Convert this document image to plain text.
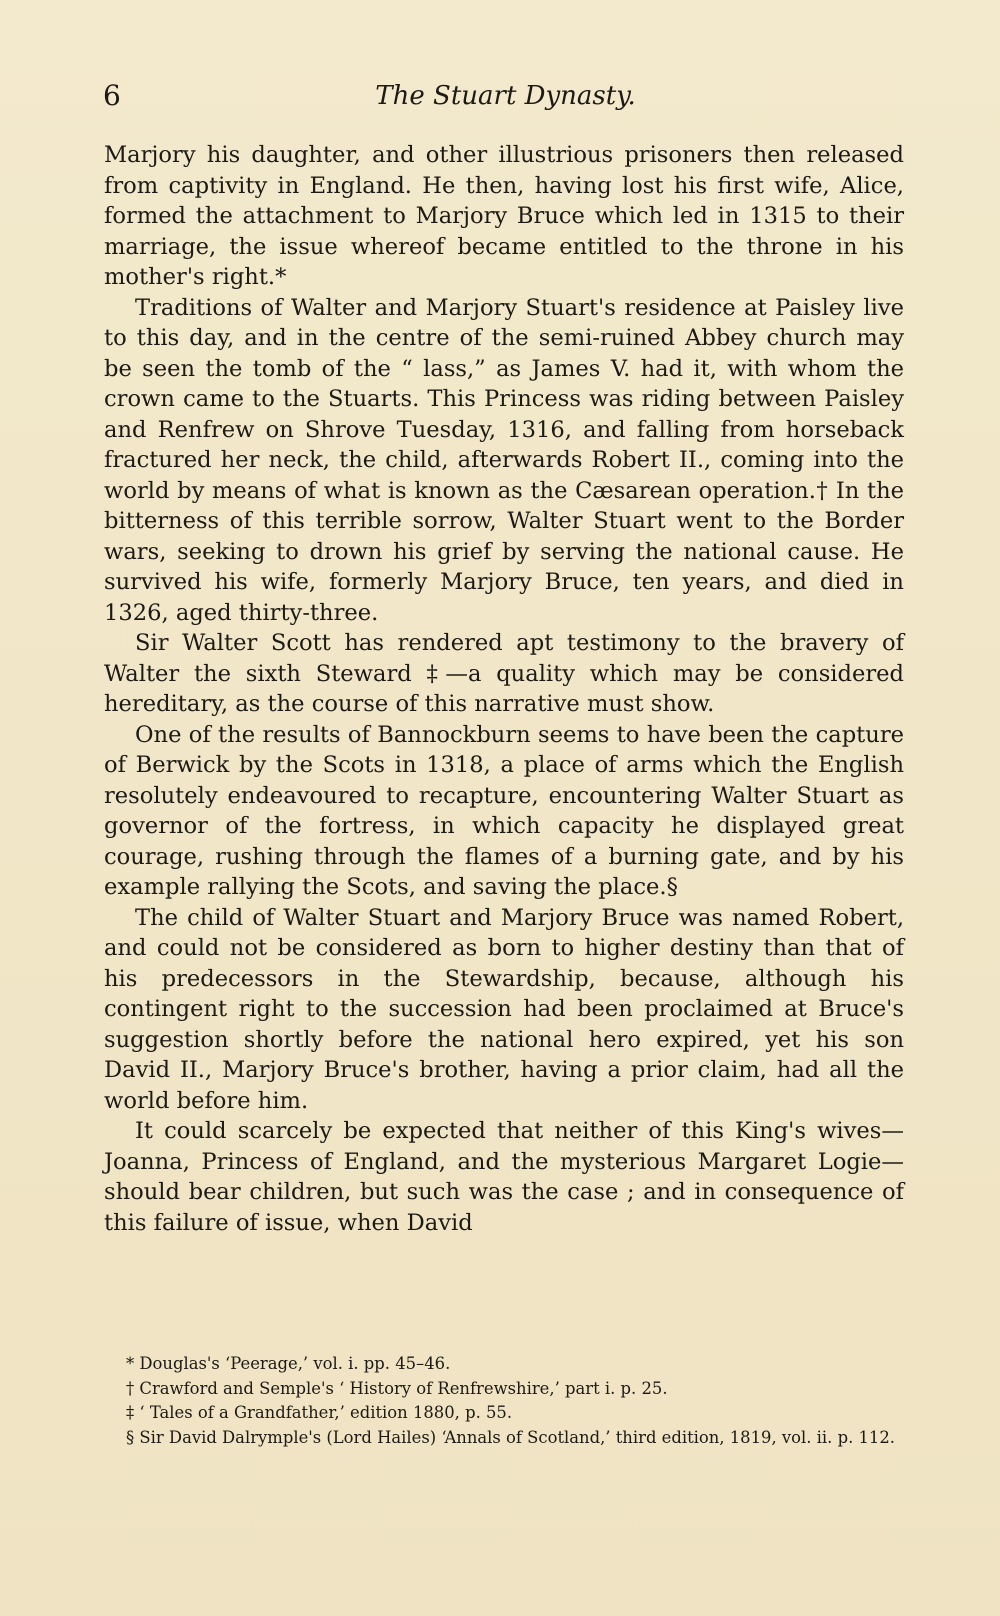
6	The Stuart Dynasty.

Marjory his daughter, and other illustrious prisoners then released from captivity in England. He then, having lost his first wife, Alice, formed the attachment to Marjory Bruce which led in 1315 to their marriage, the issue whereof became entitled to the throne in his mother's right.*

Traditions of Walter and Marjory Stuart's residence at Paisley live to this day, and in the centre of the semi-ruined Abbey church may be seen the tomb of the “ lass,” as James V. had it, with whom the crown came to the Stuarts. This Princess was riding between Paisley and Renfrew on Shrove Tuesday, 1316, and falling from horseback fractured her neck, the child, afterwards Robert II., coming into the world by means of what is known as the Cæsarean operation.† In the bitterness of this terrible sorrow, Walter Stuart went to the Border wars, seeking to drown his grief by serving the national cause. He survived his wife, formerly Marjory Bruce, ten years, and died in 1326, aged thirty-three.

Sir Walter Scott has rendered apt testimony to the bravery of Walter the sixth Steward ‡—a quality which may be considered hereditary, as the course of this narrative must show.

One of the results of Bannockburn seems to have been the capture of Berwick by the Scots in 1318, a place of arms which the English resolutely endeavoured to recapture, encountering Walter Stuart as governor of the fortress, in which capacity he displayed great courage, rushing through the flames of a burning gate, and by his example rallying the Scots, and saving the place.§

The child of Walter Stuart and Marjory Bruce was named Robert, and could not be considered as born to higher destiny than that of his predecessors in the Stewardship, because, although his contingent right to the succession had been proclaimed at Bruce's suggestion shortly before the national hero expired, yet his son David II., Marjory Bruce's brother, having a prior claim, had all the world before him.

It could scarcely be expected that neither of this King's wives—Joanna, Princess of England, and the mysterious Margaret Logie—should bear children, but such was the case ; and in consequence of this failure of issue, when David

* Douglas's ‘Peerage,’ vol. i. pp. 45–46.

† Crawford and Semple's ‘ History of Renfrewshire,’ part i. p. 25.

‡ ‘ Tales of a Grandfather,’ edition 1880, p. 55.

§ Sir David Dalrymple's (Lord Hailes) ‘Annals of Scotland,’ third edition, 1819, vol. ii. p. 112.
